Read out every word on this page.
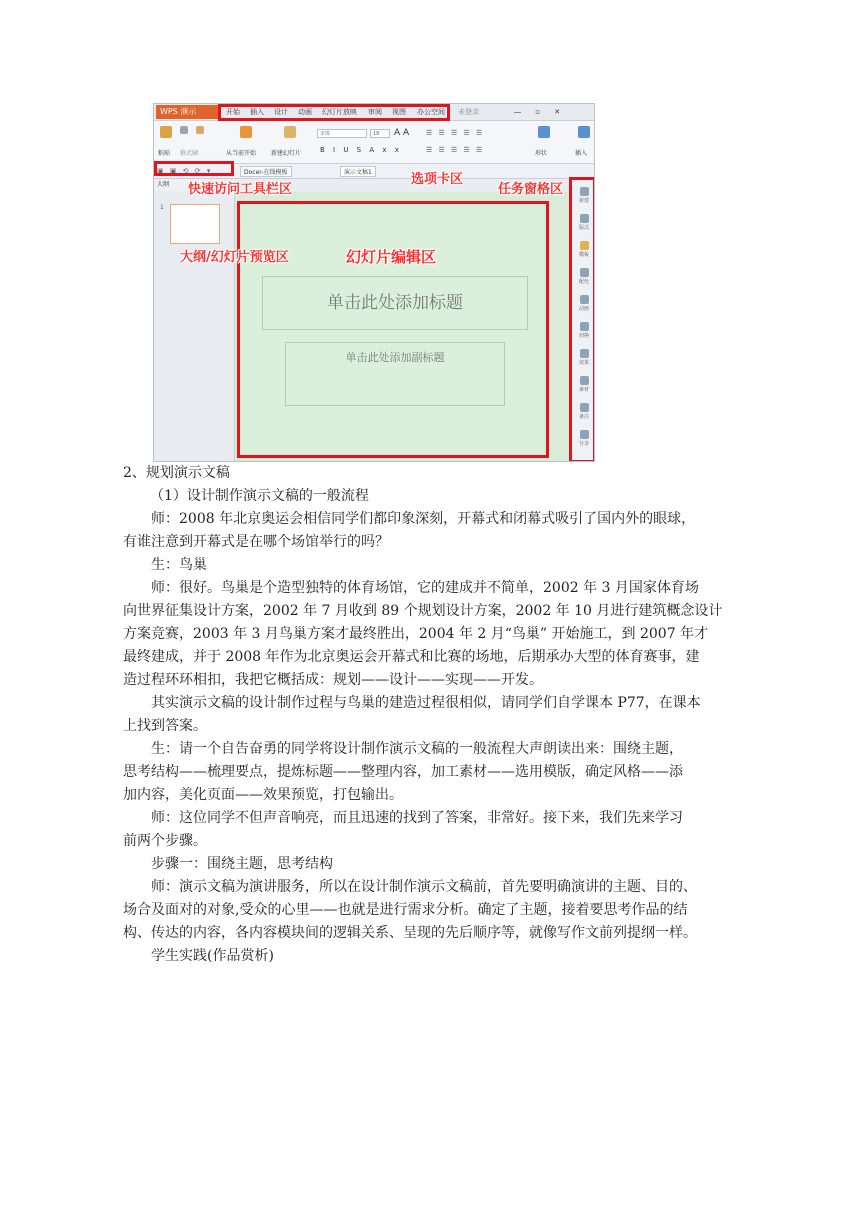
WPS 演示	开始 插入 设计 动画 幻灯片放映 审阅 视图 办公空间 未登录	― ▫ ✕
粘贴 格式刷	从当前开始 新建幻灯片
宋体	18	A A
B I U S A x x
☰ ☰ ☰ ☰ ☰
☰ ☰ ☰ ☰ ☰	形状	插入
▣ ▣ ⟲ ⟳ ▾	Docer-在线模板	演示文稿1
大纲
1
单击此处添加标题
单击此处添加副标题
新建
版式
模板
配色
动画
切换
效果
素材
备注
分享
快速访问工具栏区
选项卡区
任务窗格区
大纲/幻灯片预览区	幻灯片编辑区

2、规划演示文稿

（1）设计制作演示文稿的一般流程

师：2008 年北京奥运会相信同学们都印象深刻，开幕式和闭幕式吸引了国内外的眼球，

有谁注意到开幕式是在哪个场馆举行的吗？

生：鸟巢

师：很好。鸟巢是个造型独特的体育场馆，它的建成并不简单，2002 年 3 月国家体育场

向世界征集设计方案，2002 年 7 月收到 89 个规划设计方案，2002 年 10 月进行建筑概念设计

方案竞赛，2003 年 3 月鸟巢方案才最终胜出，2004 年 2 月“鸟巢” 开始施工，到 2007 年才

最终建成，并于 2008 年作为北京奥运会开幕式和比赛的场地，后期承办大型的体育赛事，建

造过程环环相扣，我把它概括成：规划——设计——实现——开发。

其实演示文稿的设计制作过程与鸟巢的建造过程很相似，请同学们自学课本 P77，在课本

上找到答案。

生：请一个自告奋勇的同学将设计制作演示文稿的一般流程大声朗读出来：围绕主题，

思考结构——梳理要点，提炼标题——整理内容，加工素材——选用模版，确定风格——添

加内容，美化页面——效果预览，打包输出。

师：这位同学不但声音响亮，而且迅速的找到了答案，非常好。接下来，我们先来学习

前两个步骤。

步骤一：围绕主题，思考结构

师：演示文稿为演讲服务，所以在设计制作演示文稿前，首先要明确演讲的主题、目的、

场合及面对的对象,受众的心里——也就是进行需求分析。确定了主题，接着要思考作品的结

构、传达的内容，各内容模块间的逻辑关系、呈现的先后顺序等，就像写作文前列提纲一样。

学生实践(作品赏析)
